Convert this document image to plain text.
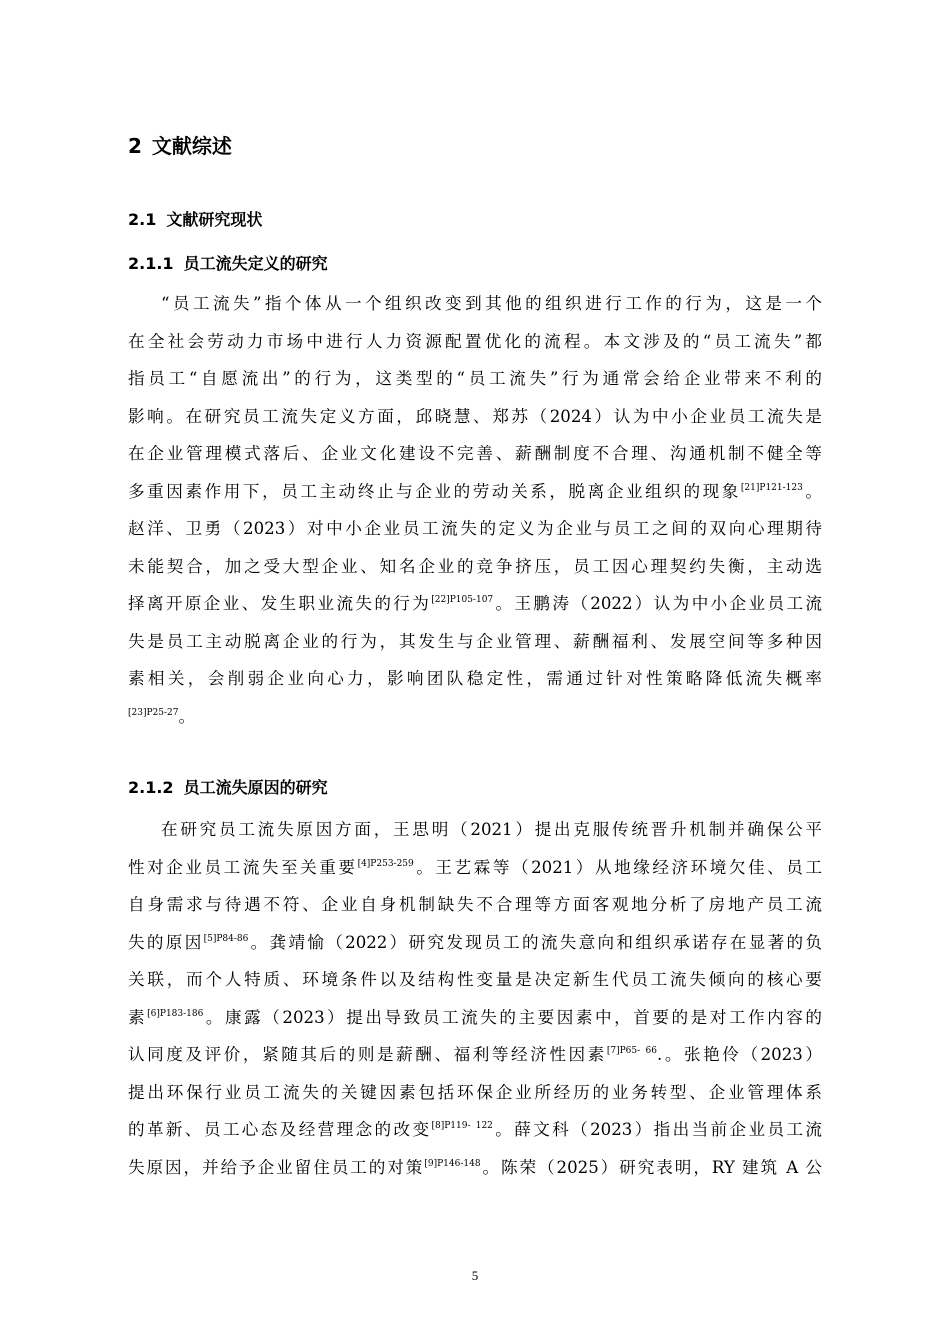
2 文献综述
2.1 文献研究现状
2.1.1 员工流失定义的研究
“员工流失”指个体从一个组织改变到其他的组织进行工作的行为，这是一个
在全社会劳动力市场中进行人力资源配置优化的流程。本文涉及的“员工流失”都
指员工“自愿流出”的行为，这类型的“员工流失”行为通常会给企业带来不利的
影响。在研究员工流失定义方面，邱晓慧、郑苏（2024）认为中小企业员工流失是
在企业管理模式落后、企业文化建设不完善、薪酬制度不合理、沟通机制不健全等
多重因素作用下，员工主动终止与企业的劳动关系，脱离企业组织的现象$^{[21]P121-123}$。
赵洋、卫勇（2023）对中小企业员工流失的定义为企业与员工之间的双向心理期待
未能契合，加之受大型企业、知名企业的竞争挤压，员工因心理契约失衡，主动选
择离开原企业、发生职业流失的行为$^{[22]P105-107}$。王鹏涛（2022）认为中小企业员工流
失是员工主动脱离企业的行为，其发生与企业管理、薪酬福利、发展空间等多种因
素相关，会削弱企业向心力，影响团队稳定性，需通过针对性策略降低流失概率
$^{[23]P25-27}$。
2.1.2 员工流失原因的研究
在研究员工流失原因方面，王思明（2021）提出克服传统晋升机制并确保公平
性对企业员工流失至关重要$^{[4]P253-259}$。王艺霖等（2021）从地缘经济环境欠佳、员工
自身需求与待遇不符、企业自身机制缺失不合理等方面客观地分析了房地产员工流
失的原因$^{[5]P84-86}$。龚靖愉（2022）研究发现员工的流失意向和组织承诺存在显著的负
关联，而个人特质、环境条件以及结构性变量是决定新生代员工流失倾向的核心要
素$^{[6]P183-186}$。康露（2023）提出导致员工流失的主要因素中，首要的是对工作内容的
认同度及评价，紧随其后的则是薪酬、福利等经济性因素$^{[7]P65- 66}$.。张艳伶（2023）
提出环保行业员工流失的关键因素包括环保企业所经历的业务转型、企业管理体系
的革新、员工心态及经营理念的改变$^{[8]P119- 122}$。薛文科（2023）指出当前企业员工流
失原因，并给予企业留住员工的对策$^{[9]P146-148}$。陈荣（2025）研究表明，RY 建筑 A 公
5
